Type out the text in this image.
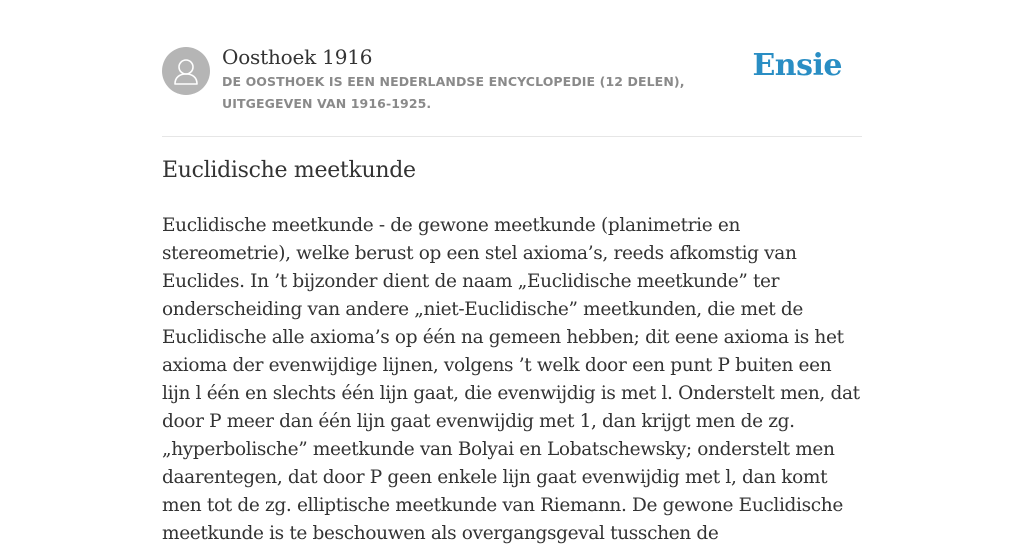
Oosthoek 1916
DE OOSTHOEK IS EEN NEDERLANDSE ENCYCLOPEDIE (12 DELEN), UITGEGEVEN VAN 1916-1925.
Ensie
Euclidische meetkunde

Euclidische meetkunde - de gewone meetkunde (planimetrie en stereometrie), welke berust op een stel axioma’s, reeds afkomstig van Euclides. In ’t bijzonder dient de naam „Euclidische meetkunde” ter onderscheiding van andere „niet-Euclidische” meetkunden, die met de Euclidische alle axioma’s op één na gemeen hebben; dit eene axioma is het axioma der evenwijdige lijnen, volgens ’t welk door een punt P buiten een lijn l één en slechts één lijn gaat, die evenwijdig is met l. Onderstelt men, dat door P meer dan één lijn gaat evenwijdig met 1, dan krijgt men de zg. „hyperbolische” meetkunde van Bolyai en Lobatschewsky; onderstelt men daarentegen, dat door P geen enkele lijn gaat evenwijdig met l, dan komt men tot de zg. elliptische meetkunde van Riemann. De gewone Euclidische meetkunde is te beschouwen als overgangsgeval tusschen de
